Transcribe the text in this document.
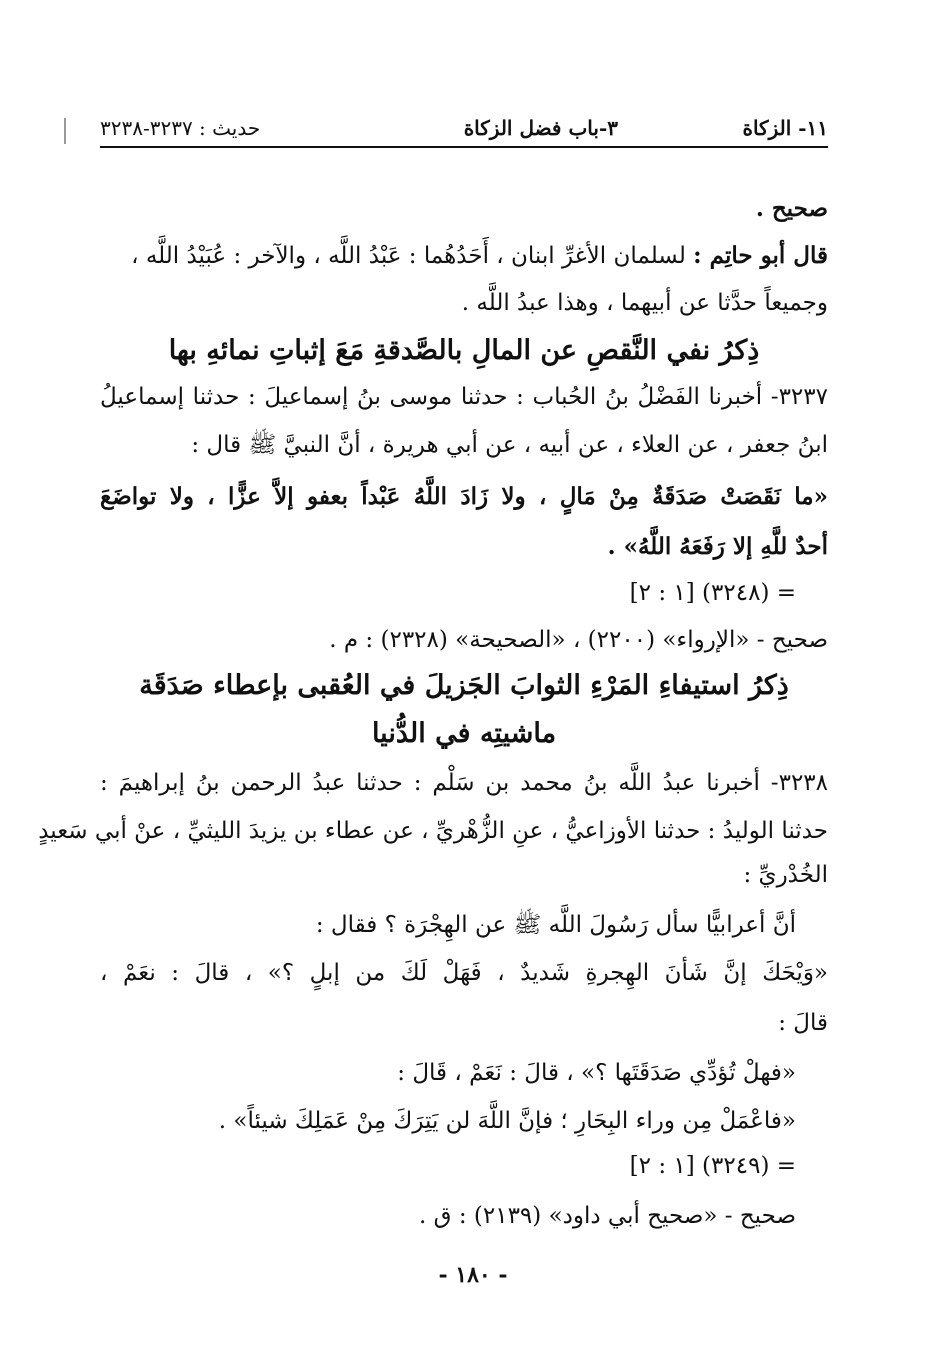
١١- الزكاة
٣-باب فضل الزكاة
حديث : ٣٢٣٧-٣٢٣٨
صحيح .
قال أبو حاتِم : لسلمان الأغرِّ ابنان ، أَحَدُهُما : عَبْدُ اللَّه ، والآخر : عُبَيْدُ اللَّه ،
وجميعاً حدَّثا عن أبيهما ، وهذا عبدُ اللَّه .
ذِكرُ نفي النَّقصِ عن المالِ بالصَّدقةِ مَعَ إثباتِ نمائهِ بها
٣٢٣٧- أخبرنا الفَضْلُ بنُ الحُباب : حدثنا موسى بنُ إسماعيلَ : حدثنا إسماعيلُ
ابنُ جعفر ، عن العلاء ، عن أبيه ، عن أبي هريرة ، أنَّ النبيَّ ﷺ قال :
«ما نَقَصَتْ صَدَقَةٌ مِنْ مَالٍ ، ولا زَادَ اللَّهُ عَبْداً بعفو إلاَّ عزًّا ، ولا تواضَعَ
أحدٌ للَّهِ إلا رَفَعَهُ اللَّهُ» .
= (٣٢٤٨) [١ : ٢]
صحيح - «الإرواء» (٢٢٠٠) ، «الصحيحة» (٢٣٢٨) : م .
ذِكرُ استيفاءِ المَرْءِ الثوابَ الجَزيلَ في العُقبى بإعطاء صَدَقَة
ماشيتِه في الدُّنيا
٣٢٣٨- أخبرنا عبدُ اللَّه بنُ محمد بن سَلْم : حدثنا عبدُ الرحمن بنُ إبراهيمَ :
حدثنا الوليدُ : حدثنا الأوزاعيُّ ، عنِ الزُّهْريِّ ، عن عطاء بن يزيدَ الليثيِّ ، عنْ أبي سَعيدٍ
الخُدْريِّ :
أنَّ أعرابيًّا سأل رَسُولَ اللَّه ﷺ عن الهِجْرَة ؟ فقال :
«وَيْحَكَ إنَّ شَأنَ الهِجرةِ شَديدٌ ، فَهَلْ لَكَ من إبلٍ ؟» ، قالَ : نعَمْ ،
قالَ :
«فهلْ تُؤدِّي صَدَقَتَها ؟» ، قالَ : نَعَمْ ، قَالَ :
«فاعْمَلْ مِن وراء البِحَارِ ؛ فإنَّ اللَّهَ لن يَتِرَكَ مِنْ عَمَلِكَ شيئاً» .
= (٣٢٤٩) [١ : ٢]
صحيح - «صحيح أبي داود» (٢١٣٩) : ق .
- ١٨٠ -
